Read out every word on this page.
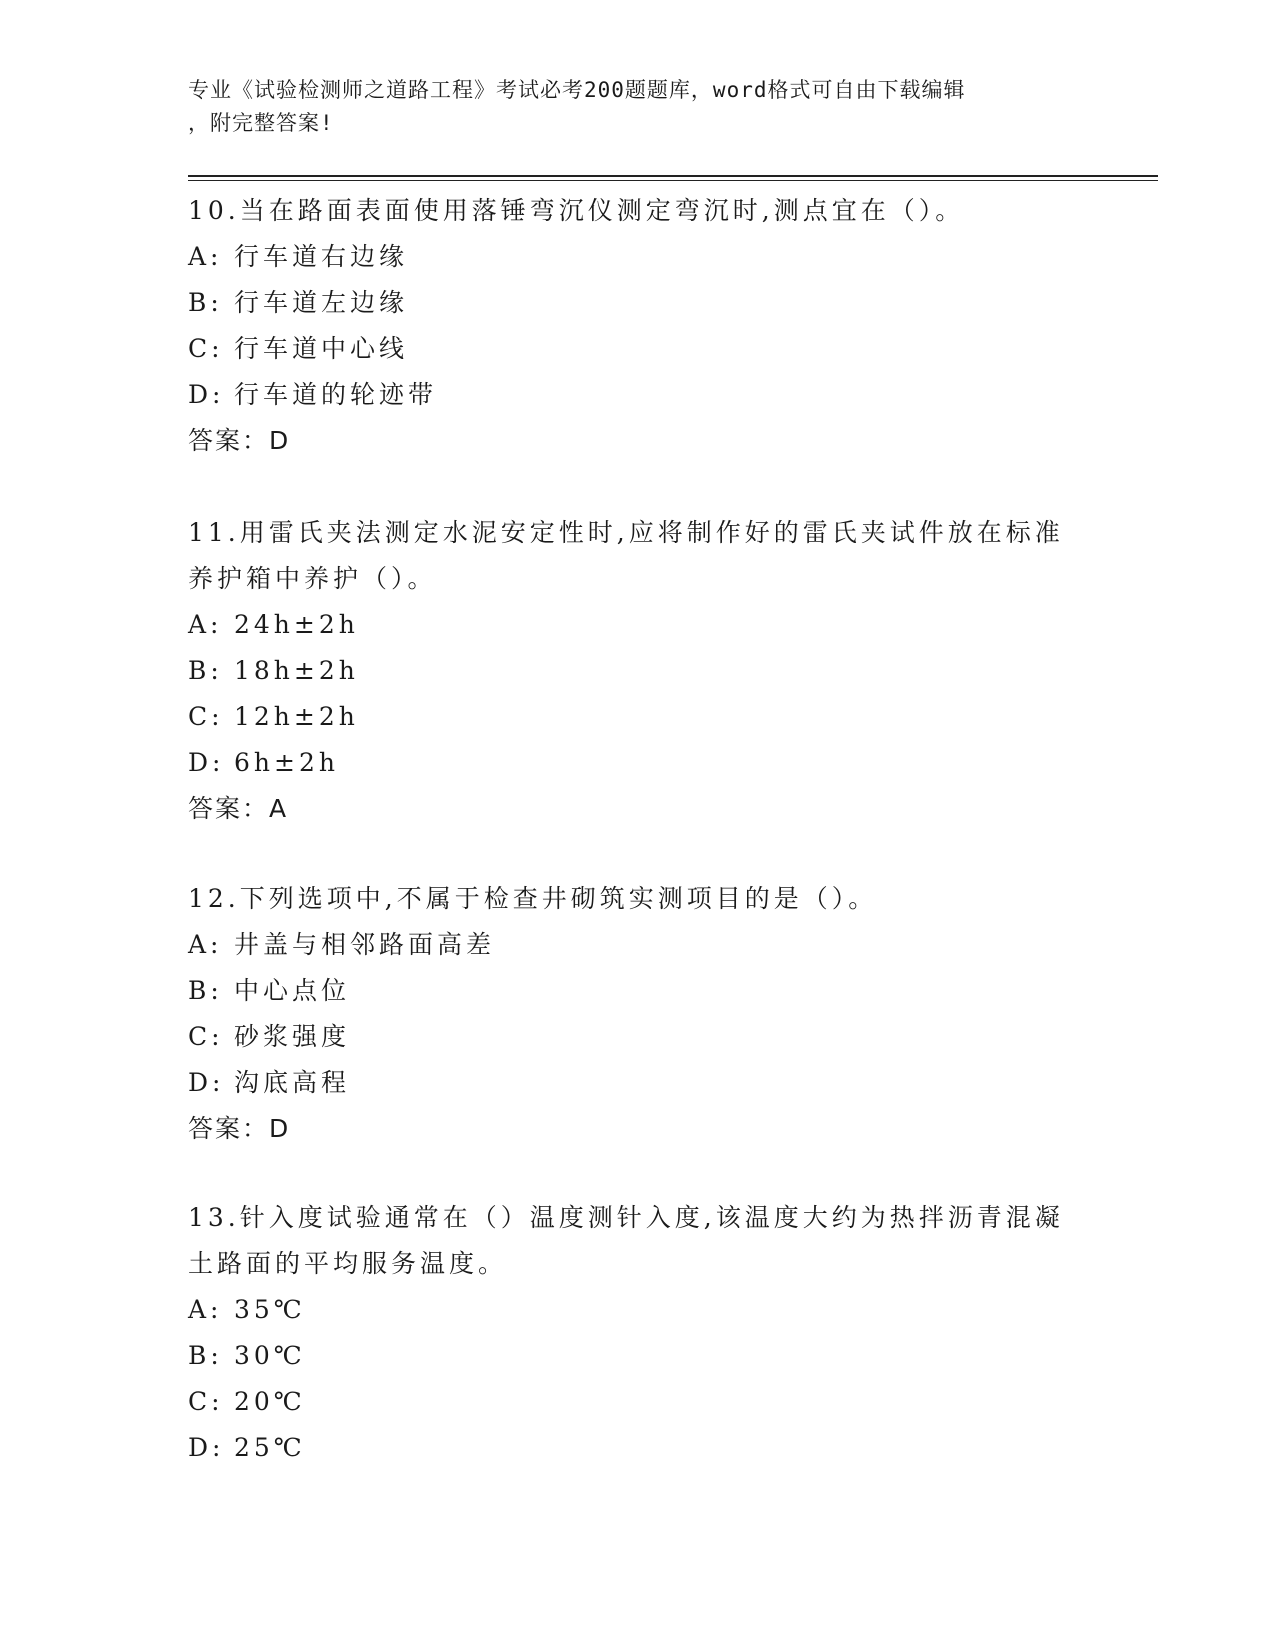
专业《试验检测师之道路工程》考试必考200题题库，word格式可自由下载编辑
，附完整答案!

10.当在路面表面使用落锤弯沉仪测定弯沉时,测点宜在（）。

A: 行车道右边缘

B: 行车道左边缘

C: 行车道中心线

D: 行车道的轮迹带

答案：D

11.用雷氏夹法测定水泥安定性时,应将制作好的雷氏夹试件放在标准养护箱中养护（）。

A: 24h±2h

B: 18h±2h

C: 12h±2h

D: 6h±2h

答案：A

12.下列选项中,不属于检查井砌筑实测项目的是（）。

A: 井盖与相邻路面高差

B: 中心点位

C: 砂浆强度

D: 沟底高程

答案：D

13.针入度试验通常在（）温度测针入度,该温度大约为热拌沥青混凝土路面的平均服务温度。

A: 35℃

B: 30℃

C: 20℃

D: 25℃
